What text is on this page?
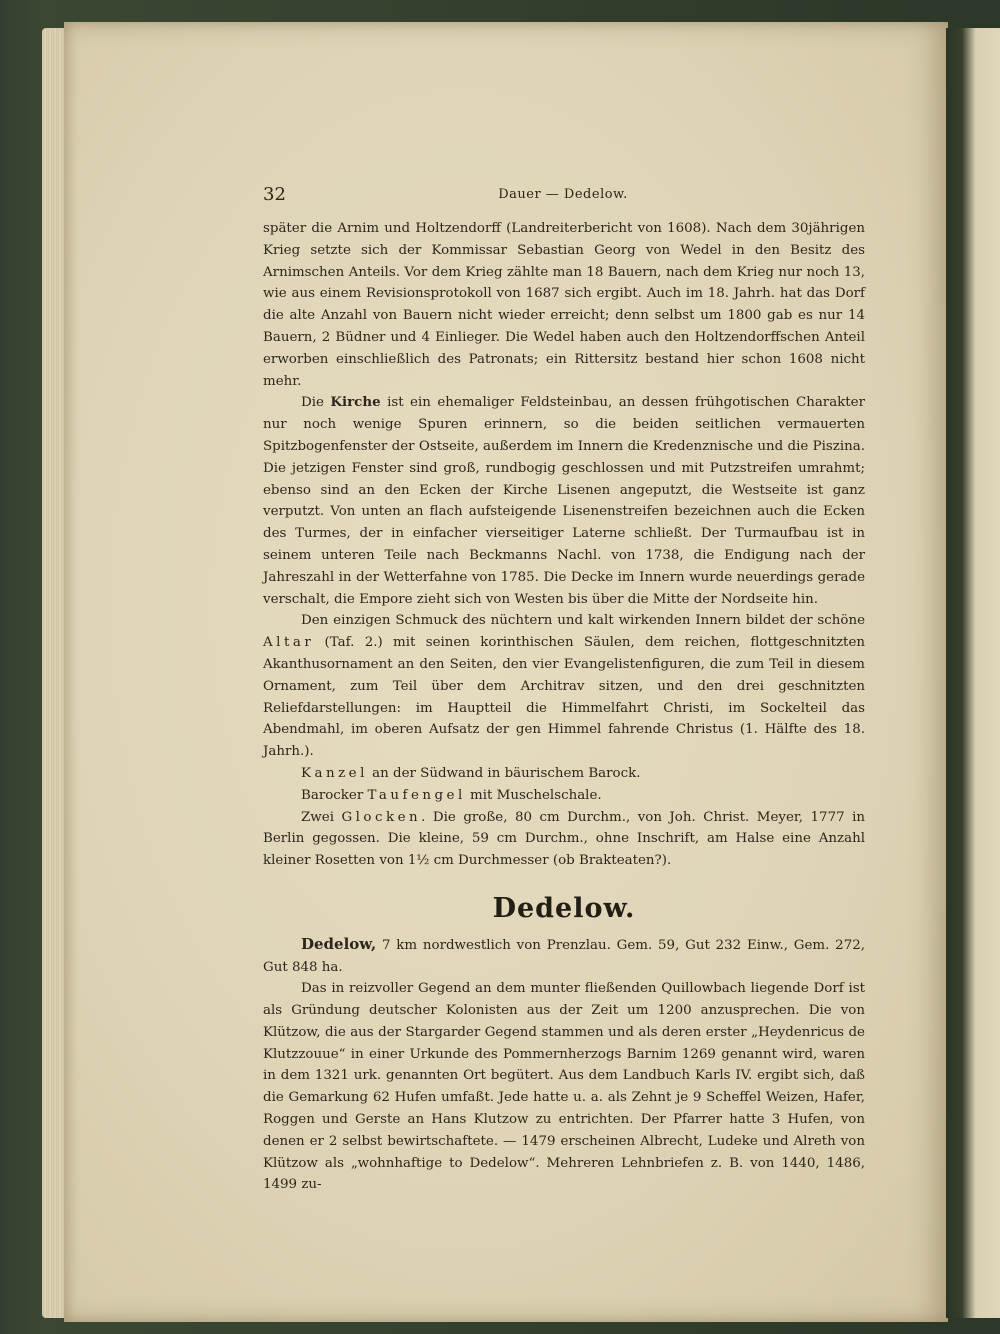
32	Dauer — Dedelow.

später die Arnim und Holtzendorff (Landreiterbericht von 1608). Nach dem 30jährigen Krieg setzte sich der Kommissar Sebastian Georg von Wedel in den Besitz des Arnimschen Anteils. Vor dem Krieg zählte man 18 Bauern, nach dem Krieg nur noch 13, wie aus einem Revisionsprotokoll von 1687 sich ergibt. Auch im 18. Jahrh. hat das Dorf die alte Anzahl von Bauern nicht wieder erreicht; denn selbst um 1800 gab es nur 14 Bauern, 2 Büdner und 4 Einlieger. Die Wedel haben auch den Holtzendorffschen Anteil erworben einschließlich des Patronats; ein Rittersitz bestand hier schon 1608 nicht mehr.

Die Kirche ist ein ehemaliger Feldsteinbau, an dessen frühgotischen Charakter nur noch wenige Spuren erinnern, so die beiden seitlichen vermauerten Spitzbogenfenster der Ostseite, außerdem im Innern die Kredenznische und die Piszina. Die jetzigen Fenster sind groß, rundbogig geschlossen und mit Putzstreifen umrahmt; ebenso sind an den Ecken der Kirche Lisenen angeputzt, die Westseite ist ganz verputzt. Von unten an flach aufsteigende Lisenenstreifen bezeichnen auch die Ecken des Turmes, der in einfacher vierseitiger Laterne schließt. Der Turmaufbau ist in seinem unteren Teile nach Beckmanns Nachl. von 1738, die Endigung nach der Jahreszahl in der Wetterfahne von 1785. Die Decke im Innern wurde neuerdings gerade verschalt, die Empore zieht sich von Westen bis über die Mitte der Nordseite hin.

Den einzigen Schmuck des nüchtern und kalt wirkenden Innern bildet der schöne Altar (Taf. 2.) mit seinen korinthischen Säulen, dem reichen, flottgeschnitzten Akanthusornament an den Seiten, den vier Evangelistenfiguren, die zum Teil in diesem Ornament, zum Teil über dem Architrav sitzen, und den drei geschnitzten Reliefdarstellungen: im Hauptteil die Himmelfahrt Christi, im Sockelteil das Abendmahl, im oberen Aufsatz der gen Himmel fahrende Christus (1. Hälfte des 18. Jahrh.).

Kanzel an der Südwand in bäurischem Barock.

Barocker Taufengel mit Muschelschale.

Zwei Glocken. Die große, 80 cm Durchm., von Joh. Christ. Meyer, 1777 in Berlin gegossen. Die kleine, 59 cm Durchm., ohne Inschrift, am Halse eine Anzahl kleiner Rosetten von 1½ cm Durchmesser (ob Brakteaten?).

Dedelow.

Dedelow, 7 km nordwestlich von Prenzlau. Gem. 59, Gut 232 Einw., Gem. 272, Gut 848 ha.

Das in reizvoller Gegend an dem munter fließenden Quillowbach liegende Dorf ist als Gründung deutscher Kolonisten aus der Zeit um 1200 anzusprechen. Die von Klützow, die aus der Stargarder Gegend stammen und als deren erster „Heydenricus de Klutzzouue“ in einer Urkunde des Pommernherzogs Barnim 1269 genannt wird, waren in dem 1321 urk. genannten Ort begütert. Aus dem Landbuch Karls IV. ergibt sich, daß die Gemarkung 62 Hufen umfaßt. Jede hatte u. a. als Zehnt je 9 Scheffel Weizen, Hafer, Roggen und Gerste an Hans Klutzow zu entrichten. Der Pfarrer hatte 3 Hufen, von denen er 2 selbst bewirtschaftete. — 1479 erscheinen Albrecht, Ludeke und Alreth von Klützow als „wohnhaftige to Dedelow“. Mehreren Lehnbriefen z. B. von 1440, 1486, 1499 zu-
